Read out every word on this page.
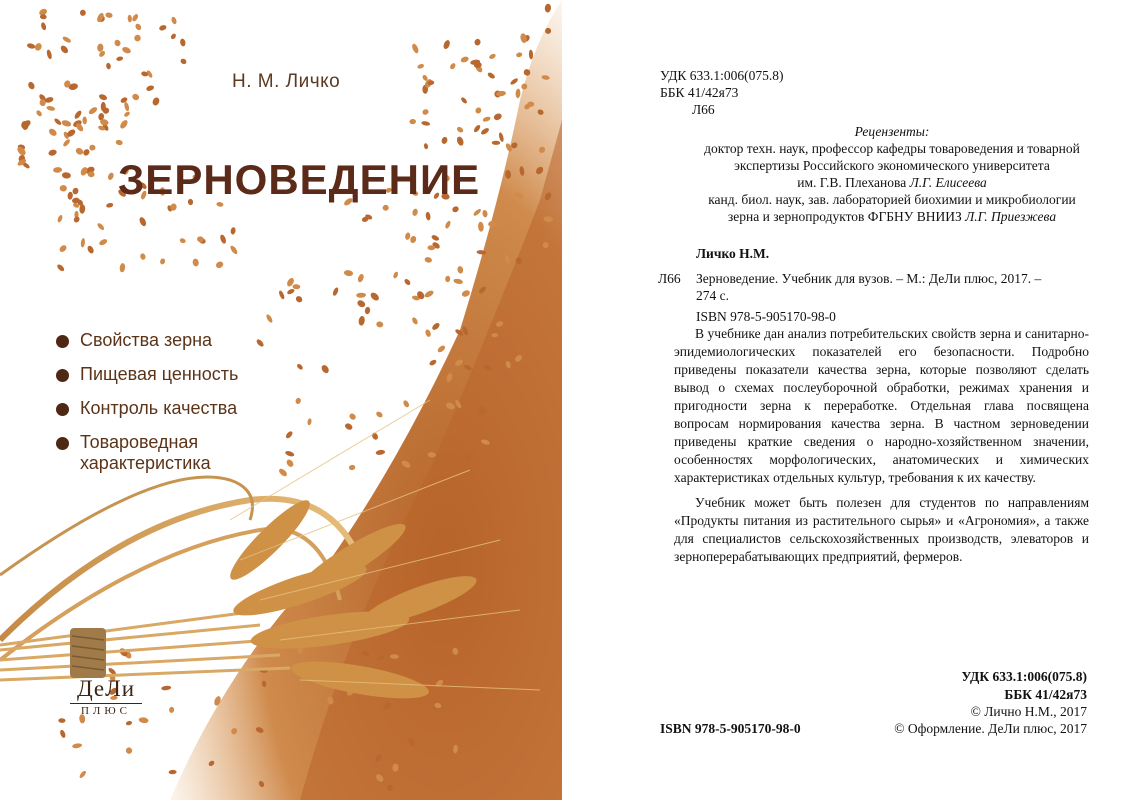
Н. М. Личко
ЗЕРНОВЕДЕНИЕ
Свойства зерна
Пищевая ценность
Контроль качества
Товароведная характеристика
ДеЛи
ПЛЮС
УДК 633.1:006(075.8)
ББК 41/42я73
Л66
Рецензенты:
доктор техн. наук, профессор кафедры товароведения и товарной
экспертизы Российского экономического университета
им. Г.В. Плеханова Л.Г. Елисеева
канд. биол. наук, зав. лабораторией биохимии и микробиологии
зерна и зернопродуктов ФГБНУ ВНИИЗ Л.Г. Приезжева
Личко Н.М.
Л66 Зерноведение. Учебник для вузов. – М.: ДеЛи плюс, 2017. –
274 с.
ISBN 978-5-905170-98-0

В учебнике дан анализ потребительских свойств зерна и санитарно-эпидемиологических показателей его безопасности. Подробно приведены показатели качества зерна, которые позволяют сделать вывод о схемах послеуборочной обработки, режимах хранения и пригодности зерна к переработке. Отдельная глава посвящена вопросам нормирования качества зерна. В частном зерноведении приведены краткие сведения о народно-хозяйственном значении, особенностях морфологических, анатомических и химических характеристиках отдельных культур, требования к их качеству.

Учебник может быть полезен для студентов по направлениям «Продукты питания из растительного сырья» и «Агрономия», а также для специалистов сельскохозяйственных производств, элеваторов и зерноперерабатывающих предприятий, фермеров.

УДК 633.1:006(075.8)
ББК 41/42я73
© Лично Н.М., 2017
ISBN 978-5-905170-98-0	© Оформление. ДеЛи плюс, 2017
